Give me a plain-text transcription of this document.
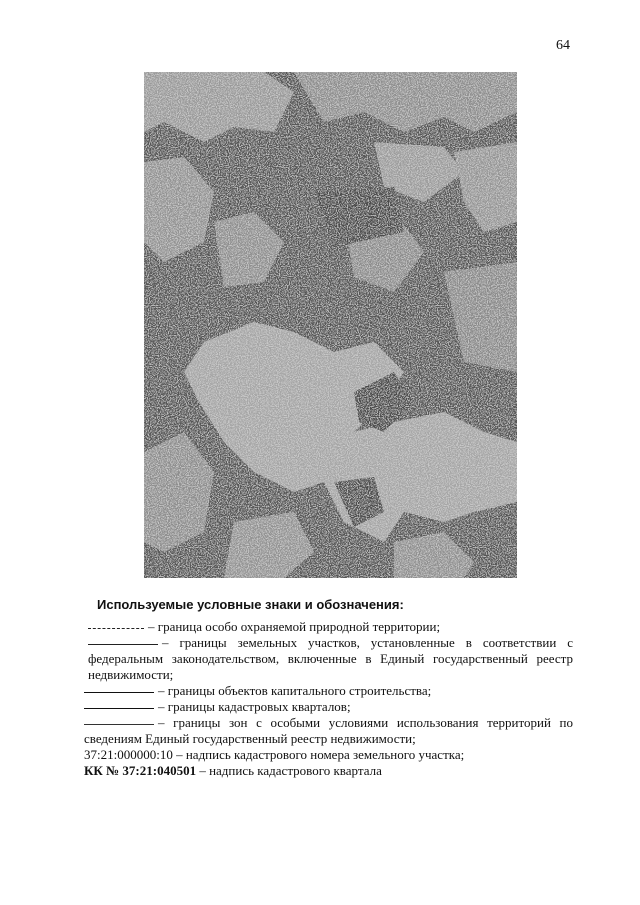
64
Используемые условные знаки и обозначения:

– граница особо охраняемой природной территории;

– границы земельных участков, установленные в соответствии с федеральным законодательством, включенные в Единый государственный реестр недвижимости;

– границы объектов капитального строительства;

– границы кадастровых кварталов;

– границы зон с особыми условиями использования территорий по сведениям Единый государственный реестр недвижимости;

37:21:000000:10 – надпись кадастрового номера земельного участка;

КК № 37:21:040501 – надпись кадастрового квартала
